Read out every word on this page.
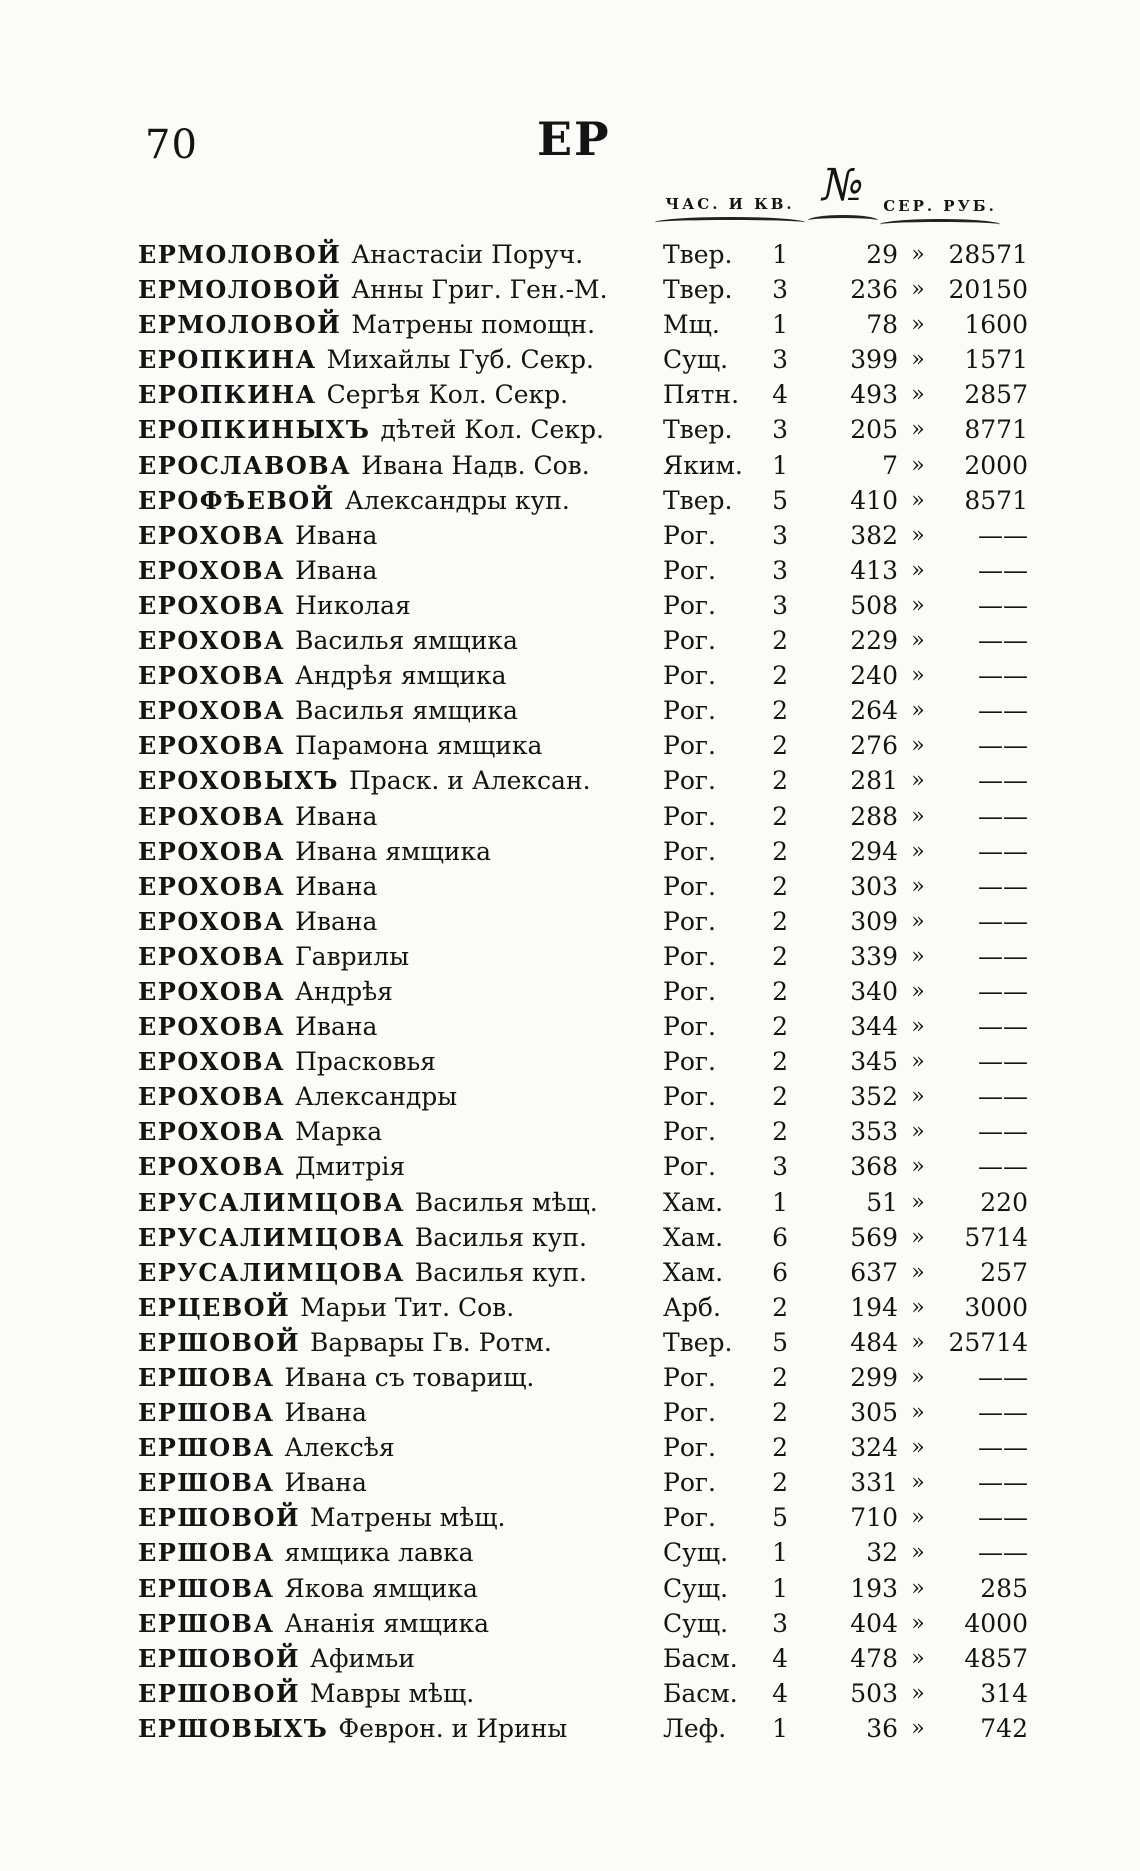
70	ЕР
ЧАС. И КВ. №	СЕР. РУБ.
ЕРМОЛОВОЙ Анастасіи Поруч.	Твер.	1	29 » 28571
ЕРМОЛОВОЙ Анны Григ. Ген.-М.	Твер.	3	236 » 20150
ЕРМОЛОВОЙ Матрены помощн.	Мщ.	1	78 »	1600
ЕРОПКИНА Михайлы Губ. Секр.	Сущ.	3	399 »	1571
ЕРОПКИНА Сергѣя Кол. Секр.	Пятн.	4	493 »	2857
ЕРОПКИНЫХЪ дѣтей Кол. Секр.	Твер.	3	205 »	8771
ЕРОСЛАВОВА Ивана Надв. Сов.	Яким.	1	7 »	2000
ЕРОФѢЕВОЙ Александры куп.	Твер.	5	410 »	8571
ЕРОХОВА Ивана	Рог.	3	382 »	——
ЕРОХОВА Ивана	Рог.	3	413 »	——
ЕРОХОВА Николая	Рог.	3	508 »	——
ЕРОХОВА Василья ямщика	Рог.	2	229 »	——
ЕРОХОВА Андрѣя ямщика	Рог.	2	240 »	——
ЕРОХОВА Василья ямщика	Рог.	2	264 »	——
ЕРОХОВА Парамона ямщика	Рог.	2	276 »	——
ЕРОХОВЫХЪ Праск. и Алексан.	Рог.	2	281 »	——
ЕРОХОВА Ивана	Рог.	2	288 »	——
ЕРОХОВА Ивана ямщика	Рог.	2	294 »	——
ЕРОХОВА Ивана	Рог.	2	303 »	——
ЕРОХОВА Ивана	Рог.	2	309 »	——
ЕРОХОВА Гаврилы	Рог.	2	339 »	——
ЕРОХОВА Андрѣя	Рог.	2	340 »	——
ЕРОХОВА Ивана	Рог.	2	344 »	——
ЕРОХОВА Прасковья	Рог.	2	345 »	——
ЕРОХОВА Александры	Рог.	2	352 »	——
ЕРОХОВА Марка	Рог.	2	353 »	——
ЕРОХОВА Дмитрія	Рог.	3	368 »	——
ЕРУСАЛИМЦОВА Василья мѣщ.	Хам.	1	51 »	220
ЕРУСАЛИМЦОВА Василья куп.	Хам.	6	569 »	5714
ЕРУСАЛИМЦОВА Василья куп.	Хам.	6	637 »	257
ЕРЦЕВОЙ Марьи Тит. Сов.	Арб.	2	194 »	3000
ЕРШОВОЙ Варвары Гв. Ротм.	Твер.	5	484 » 25714
ЕРШОВА Ивана съ товарищ.	Рог.	2	299 »	——
ЕРШОВА Ивана	Рог.	2	305 »	——
ЕРШОВА Алексѣя	Рог.	2	324 »	——
ЕРШОВА Ивана	Рог.	2	331 »	——
ЕРШОВОЙ Матрены мѣщ.	Рог.	5	710 »	——
ЕРШОВА ямщика лавка	Сущ.	1	32 »	——
ЕРШОВА Якова ямщика	Сущ.	1	193 »	285
ЕРШОВА Ананія ямщика	Сущ.	3	404 »	4000
ЕРШОВОЙ Афимьи	Басм.	4	478 »	4857
ЕРШОВОЙ Мавры мѣщ.	Басм.	4	503 »	314
ЕРШОВЫХЪ Феврон. и Ирины	Леф.	1	36 »	742
